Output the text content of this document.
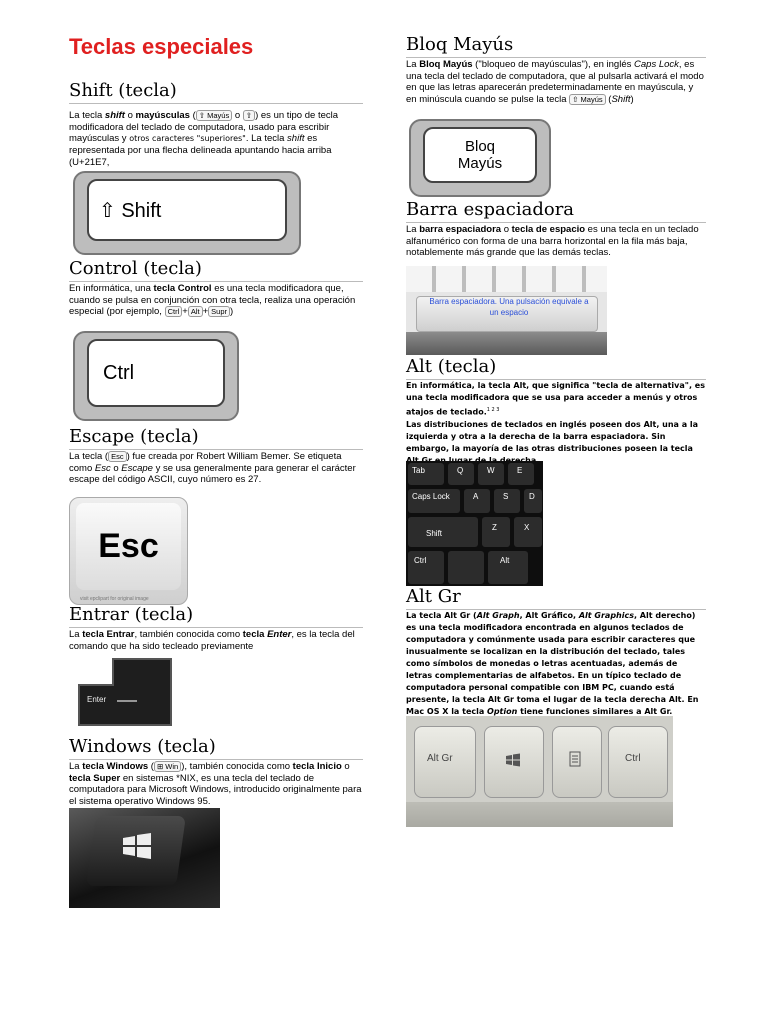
Teclas especiales
Shift (tecla)

La tecla shift o mayúsculas ( ⇧ Mayús o ⇧ ) es un tipo de tecla modificadora del teclado de computadora, usado para escribir mayúsculas y otros caracteres "superiores". La tecla shift es representada por una flecha delineada apuntando hacia arriba (U+21E7,

⇧ Shift
Control (tecla)

En informática, una tecla Control es una tecla modificadora que, cuando se pulsa en conjunción con otra tecla, realiza una operación especial (por ejemplo, Ctrl + Alt + Supr )

Ctrl
Escape (tecla)

La tecla ( Esc ) fue creada por Robert William Bemer. Se etiqueta como Esc o Escape y se usa generalmente para generar el carácter escape del código ASCII, cuyo número es 27.

Esc
visit epclipart for original image
Entrar (tecla)

La tecla Entrar, también conocida como tecla Enter, es la tecla del comando que ha sido tecleado previamente

Enter
Windows (tecla)

La tecla Windows ( ⊞ Win ), también conocida como tecla Inicio o tecla Super en sistemas *NIX, es una tecla del teclado de computadora para Microsoft Windows, introducido originalmente para el sistema operativo Windows 95.

Bloq Mayús

La Bloq Mayús ("bloqueo de mayúsculas"), en inglés Caps Lock, es una tecla del teclado de computadora, que al pulsarla activará el modo en que las letras aparecerán predeterminadamente en mayúscula, y en minúscula cuando se pulse la tecla ⇧ Mayús (Shift)

Bloq
Mayús
Barra espaciadora

La barra espaciadora o tecla de espacio es una tecla en un teclado alfanumérico con forma de una barra horizontal en la fila más baja, notablemente más grande que las demás teclas.

Barra espaciadora. Una pulsación equivale a un espacio
Alt (tecla)

En informática, la tecla Alt, que significa "tecla de alternativa", es una tecla modificadora que se usa para acceder a menús y otros atajos de teclado.$^{1 2 3}$
Las distribuciones de teclados en inglés poseen dos Alt, una a la izquierda y otra a la derecha de la barra espaciadora. Sin embargo, la mayoría de las otras distribuciones poseen la tecla

Tab	Q	W	E
Caps Lock	A	S	D
Shift
Z	X
Ctrl	Alt
Alt Gr

La tecla Alt Gr (Alt Graph, Alt Gráfico, Alt Graphics, Alt derecho) es una tecla modificadora encontrada en algunos teclados de computadora y comúnmente usada para escribir caracteres que inusualmente se localizan en la distribución del teclado, tales como símbolos de monedas o letras acentuadas, además de letras complementarias de alfabetos. En un típico teclado de computadora personal compatible con IBM PC, cuando está presente, la tecla Alt Gr toma el lugar de la tecla derecha Alt. En Mac OS X la tecla Option tiene funciones similares a Alt Gr.

Alt Gr	Ctrl
